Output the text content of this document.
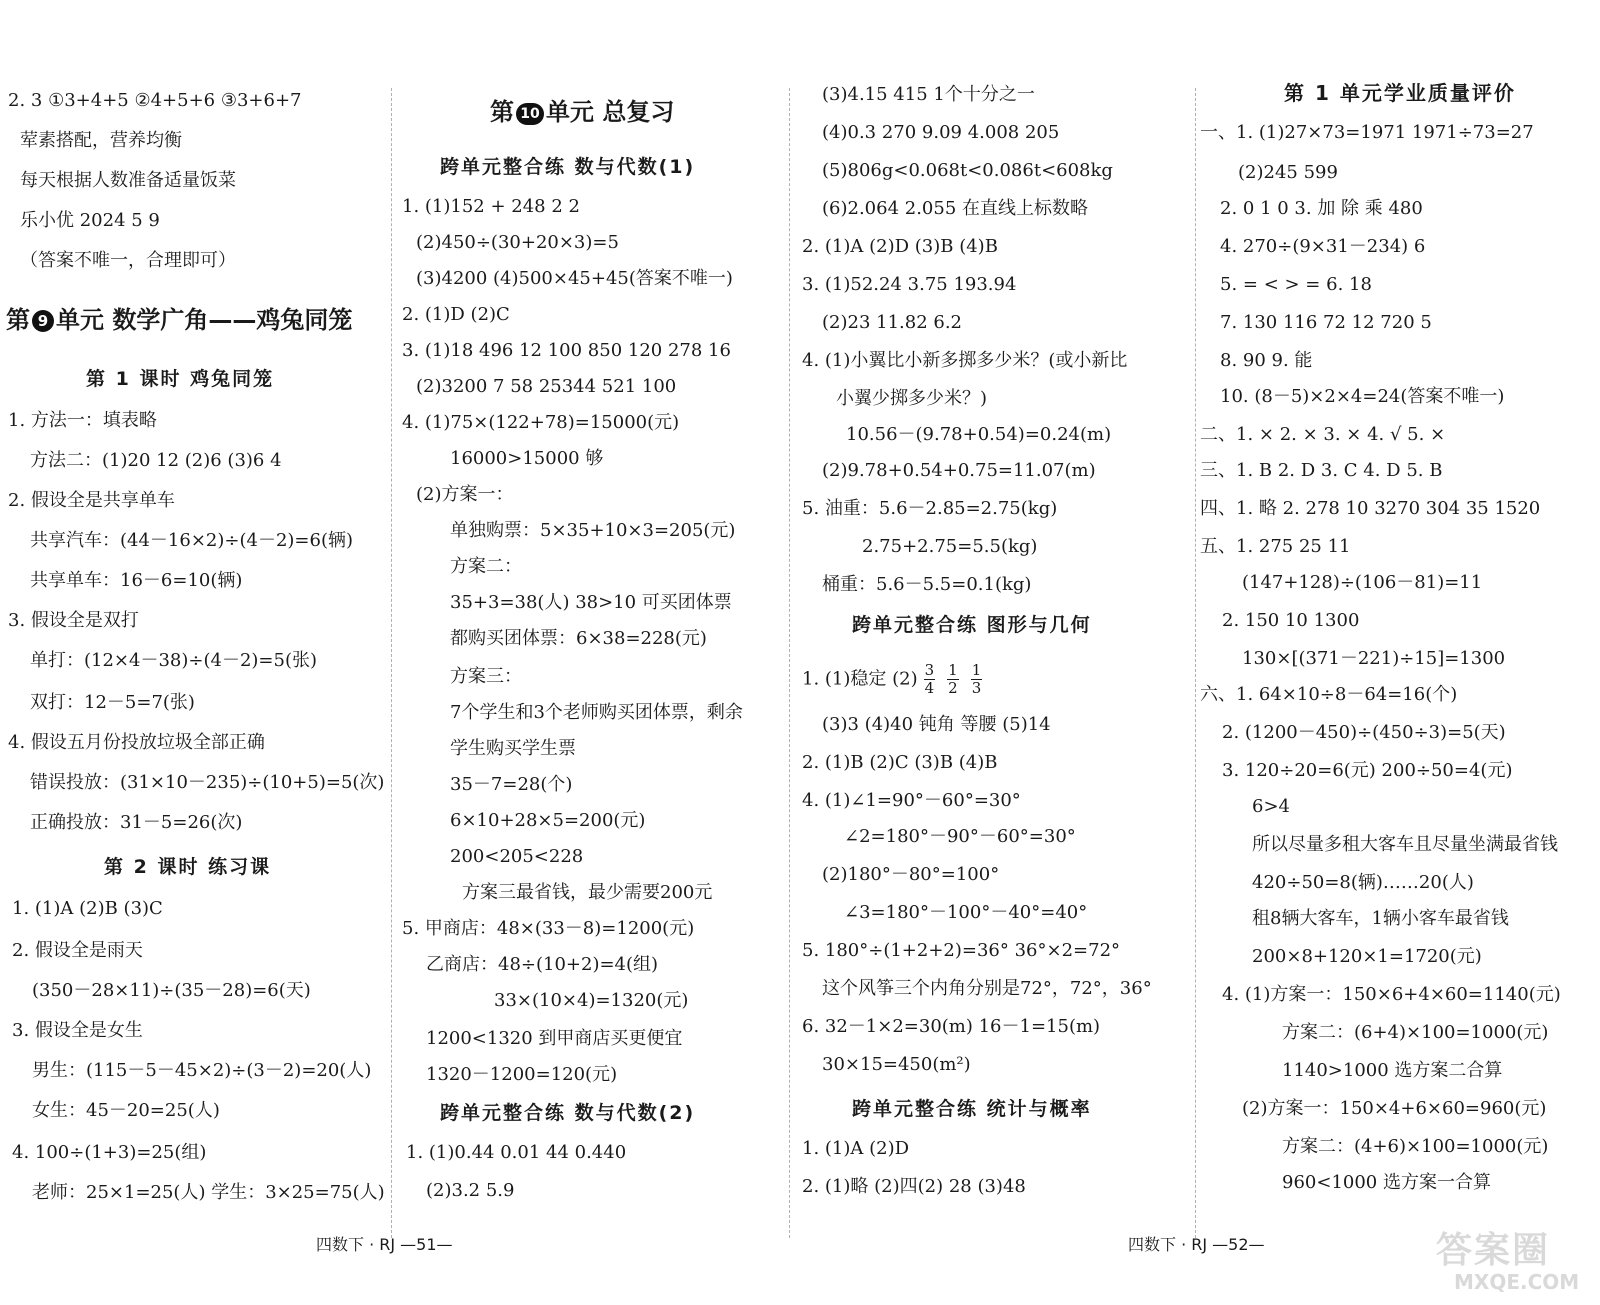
2. 3 ①3+4+5 ②4+5+6 ③3+6+7
荤素搭配，营养均衡
每天根据人数准备适量饭菜
乐小优 2024 5 9
（答案不唯一，合理即可）
第 9 单元 数学广角——鸡兔同笼
第 1 课时 鸡兔同笼
1. 方法一：填表略
方法二：(1)20 12 (2)6 (3)6 4
2. 假设全是共享单车
共享汽车：(44－16×2)÷(4－2)=6(辆)
共享单车：16－6=10(辆)
3. 假设全是双打
单打：(12×4－38)÷(4－2)=5(张)
双打：12－5=7(张)
4. 假设五月份投放垃圾全部正确
错误投放：(31×10－235)÷(10+5)=5(次)
正确投放：31－5=26(次)
第 2 课时 练习课
1. (1)A (2)B (3)C
2. 假设全是雨天
(350－28×11)÷(35－28)=6(天)
3. 假设全是女生
男生：(115－5－45×2)÷(3－2)=20(人)
女生：45－20=25(人)
4. 100÷(1+3)=25(组)
老师：25×1=25(人) 学生：3×25=75(人)
第 10 单元 总复习
跨单元整合练 数与代数(1)
1. (1)152 + 248 2 2
(2)450÷(30+20×3)=5
(3)4200 (4)500×45+45(答案不唯一)
2. (1)D (2)C
3. (1)18 496 12 100 850 120 278 16
(2)3200 7 58 25344 521 100
4. (1)75×(122+78)=15000(元)
16000>15000 够
(2)方案一：
单独购票：5×35+10×3=205(元)
方案二：
35+3=38(人) 38>10 可买团体票
都购买团体票：6×38=228(元)
方案三：
7个学生和3个老师购买团体票，剩余
学生购买学生票
35－7=28(个)
6×10+28×5=200(元)
200<205<228
方案三最省钱，最少需要200元
5. 甲商店：48×(33－8)=1200(元)
乙商店：48÷(10+2)=4(组)
33×(10×4)=1320(元)
1200<1320 到甲商店买更便宜
1320－1200=120(元)
跨单元整合练 数与代数(2)
1. (1)0.44 0.01 44 0.440
(2)3.2 5.9
(3)4.15 415 1个十分之一
(4)0.3 270 9.09 4.008 205
(5)806g<0.068t<0.086t<608kg
(6)2.064 2.055 在直线上标数略
2. (1)A (2)D (3)B (4)B
3. (1)52.24 3.75 193.94
(2)23 11.82 6.2
4. (1)小翼比小新多掷多少米？(或小新比
小翼少掷多少米？)
10.56－(9.78+0.54)=0.24(m)
(2)9.78+0.54+0.75=11.07(m)
5. 油重：5.6－2.85=2.75(kg)
2.75+2.75=5.5(kg)
桶重：5.6－5.5=0.1(kg)
跨单元整合练 图形与几何
1. (1)稳定 $(2) \frac{3}{4} \frac{1}{2} \frac{1}{3}$
(3)3 (4)40 钝角 等腰 (5)14
2. (1)B (2)C (3)B (4)B
4. (1)∠1=90°－60°=30°
∠2=180°－90°－60°=30°
(2)180°－80°=100°
∠3=180°－100°－40°=40°
5. 180°÷(1+2+2)=36° 36°×2=72°
这个风筝三个内角分别是72°，72°，36°
6. 32－1×2=30(m) 16－1=15(m)
30×15=450(m²)
跨单元整合练 统计与概率
1. (1)A (2)D
2. (1)略 (2)四(2) 28 (3)48
第 1 单元学业质量评价
一、1. (1)27×73=1971 1971÷73=27
(2)245 599
2. 0 1 0 3. 加 除 乘 480
4. 270÷(9×31－234) 6
5. = < > = 6. 18
7. 130 116 72 12 720 5
8. 90 9. 能
10. (8－5)×2×4=24(答案不唯一)
二、1. × 2. × 3. × 4. √ 5. ×
三、1. B 2. D 3. C 4. D 5. B
四、1. 略 2. 278 10 3270 304 35 1520
五、1. 275 25 11
(147+128)÷(106－81)=11
2. 150 10 1300
130×[(371－221)÷15]=1300
六、1. 64×10÷8－64=16(个)
2. (1200－450)÷(450÷3)=5(天)
3. 120÷20=6(元) 200÷50=4(元)
6>4
所以尽量多租大客车且尽量坐满最省钱
420÷50=8(辆)……20(人)
租8辆大客车，1辆小客车最省钱
200×8+120×1=1720(元)
4. (1)方案一：150×6+4×60=1140(元)
方案二：(6+4)×100=1000(元)
1140>1000 选方案二合算
(2)方案一：150×4+6×60=960(元)
方案二：(4+6)×100=1000(元)
960<1000 选方案一合算
四数下 · RJ —51—	四数下 · RJ —52—	答案圈
MXQE.COM
